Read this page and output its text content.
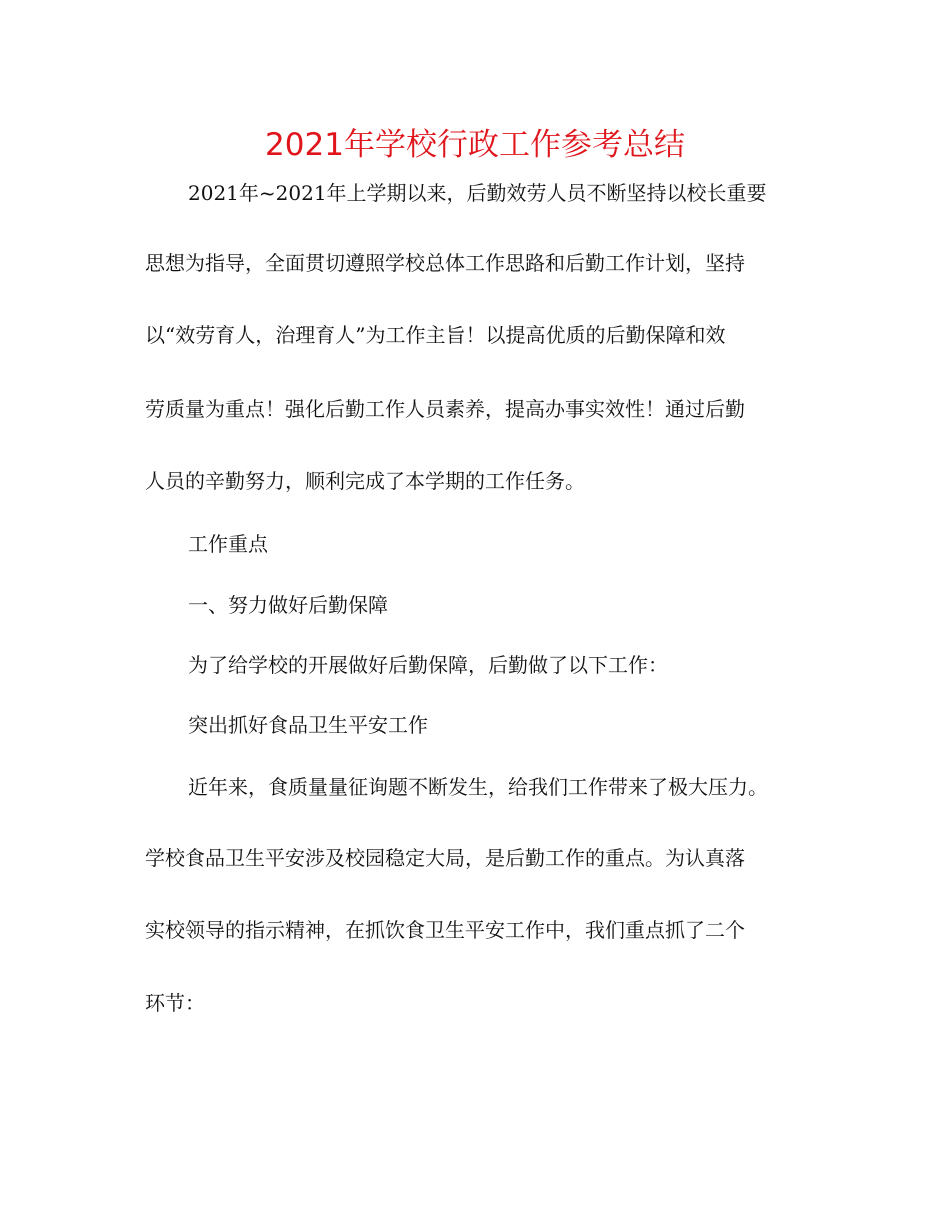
2021年学校行政工作参考总结
2021年~2021年上学期以来，后勤效劳人员不断坚持以校长重要
思想为指导，全面贯切遵照学校总体工作思路和后勤工作计划，坚持
以“效劳育人，治理育人”为工作主旨！以提高优质的后勤保障和效
劳质量为重点！强化后勤工作人员素养，提高办事实效性！通过后勤
人员的辛勤努力，顺利完成了本学期的工作任务。
工作重点
一、努力做好后勤保障
为了给学校的开展做好后勤保障，后勤做了以下工作：
突出抓好食品卫生平安工作
近年来，食质量量征询题不断发生，给我们工作带来了极大压力。
学校食品卫生平安涉及校园稳定大局，是后勤工作的重点。为认真落
实校领导的指示精神，在抓饮食卫生平安工作中，我们重点抓了二个
环节：
